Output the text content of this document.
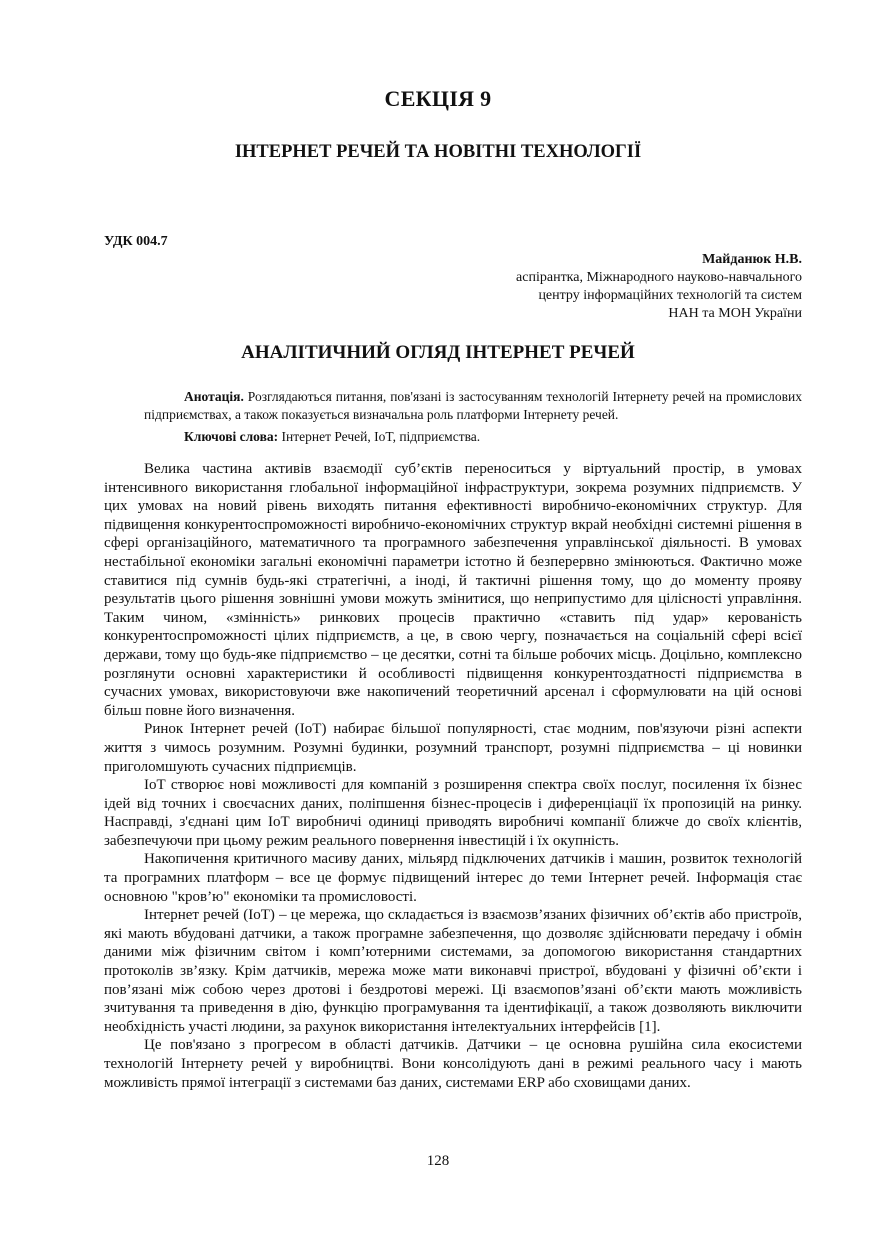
СЕКЦІЯ 9
ІНТЕРНЕТ РЕЧЕЙ ТА НОВІТНІ ТЕХНОЛОГІЇ

УДК 004.7

Майданюк Н.В.
аспірантка, Міжнародного науково-навчального
центру інформаційних технологій та систем
НАН та МОН України
АНАЛІТИЧНИЙ ОГЛЯД ІНТЕРНЕТ РЕЧЕЙ

Анотація. Розглядаються питання, пов'язані із застосуванням технологій Інтернету речей на промислових підприємствах, а також показується визначальна роль платформи Інтернету речей.

Ключові слова: Інтернет Речей, IoT, підприємства.

Велика частина активів взаємодії суб’єктів переноситься у віртуальний простір, в умовах інтенсивного використання глобальної інформаційної інфраструктури, зокрема розумних підприємств. У цих умовах на новий рівень виходять питання ефективності виробничо-економічних структур. Для підвищення конкурентоспроможності виробничо-економічних структур вкрай необхідні системні рішення в сфері організаційного, математичного та програмного забезпечення управлінської діяльності. В умовах нестабільної економіки загальні економічні параметри істотно й безперервно змінюються. Фактично може ставитися під сумнів будь-які стратегічні, а іноді, й тактичні рішення тому, що до моменту прояву результатів цього рішення зовнішні умови можуть змінитися, що неприпустимо для цілісності управління. Таким чином, «змінність» ринкових процесів практично «ставить під удар» керованість конкурентоспроможності цілих підприємств, а це, в свою чергу, позначається на соціальній сфері всієї держави, тому що будь-яке підприємство – це десятки, сотні та більше робочих місць. Доцільно, комплексно розглянути основні характеристики й особливості підвищення конкурентоздатності підприємства в сучасних умовах, використовуючи вже накопичений теоретичний арсенал і сформулювати на цій основі більш повне його визначення.

Ринок Інтернет речей (IoT) набирає більшої популярності, стає модним, пов'язуючи різні аспекти життя з чимось розумним. Розумні будинки, розумний транспорт, розумні підприємства – ці новинки приголомшують сучасних підприємців.

IoT створює нові можливості для компаній з розширення спектра своїх послуг, посилення їх бізнес ідей від точних і своєчасних даних, поліпшення бізнес-процесів і диференціації їх пропозицій на ринку. Насправді, з'єднані цим IoT виробничі одиниці приводять виробничі компанії ближче до своїх клієнтів, забезпечуючи при цьому режим реального повернення інвестицій і їх окупність.

Накопичення критичного масиву даних, мільярд підключених датчиків і машин, розвиток технологій та програмних платформ – все це формує підвищений інтерес до теми Інтернет речей. Інформація стає основною "кров’ю" економіки та промисловості.

Інтернет речей (IoT) – це мережа, що складається із взаємозв’язаних фізичних об’єктів або пристроїв, які мають вбудовані датчики, а також програмне забезпечення, що дозволяє здійснювати передачу і обмін даними між фізичним світом і комп’ютерними системами, за допомогою використання стандартних протоколів зв’язку. Крім датчиків, мережа може мати виконавчі пристрої, вбудовані у фізичні об’єкти і пов’язані між собою через дротові і бездротові мережі. Ці взаємопов’язані об’єкти мають можливість зчитування та приведення в дію, функцію програмування та ідентифікації, а також дозволяють виключити необхідність участі людини, за рахунок використання інтелектуальних інтерфейсів [1].

Це пов'язано з прогресом в області датчиків. Датчики – це основна рушійна сила екосистеми технологій Інтернету речей у виробництві. Вони консолідують дані в режимі реального часу і мають можливість прямої інтеграції з системами баз даних, системами ERP або сховищами даних.

128
